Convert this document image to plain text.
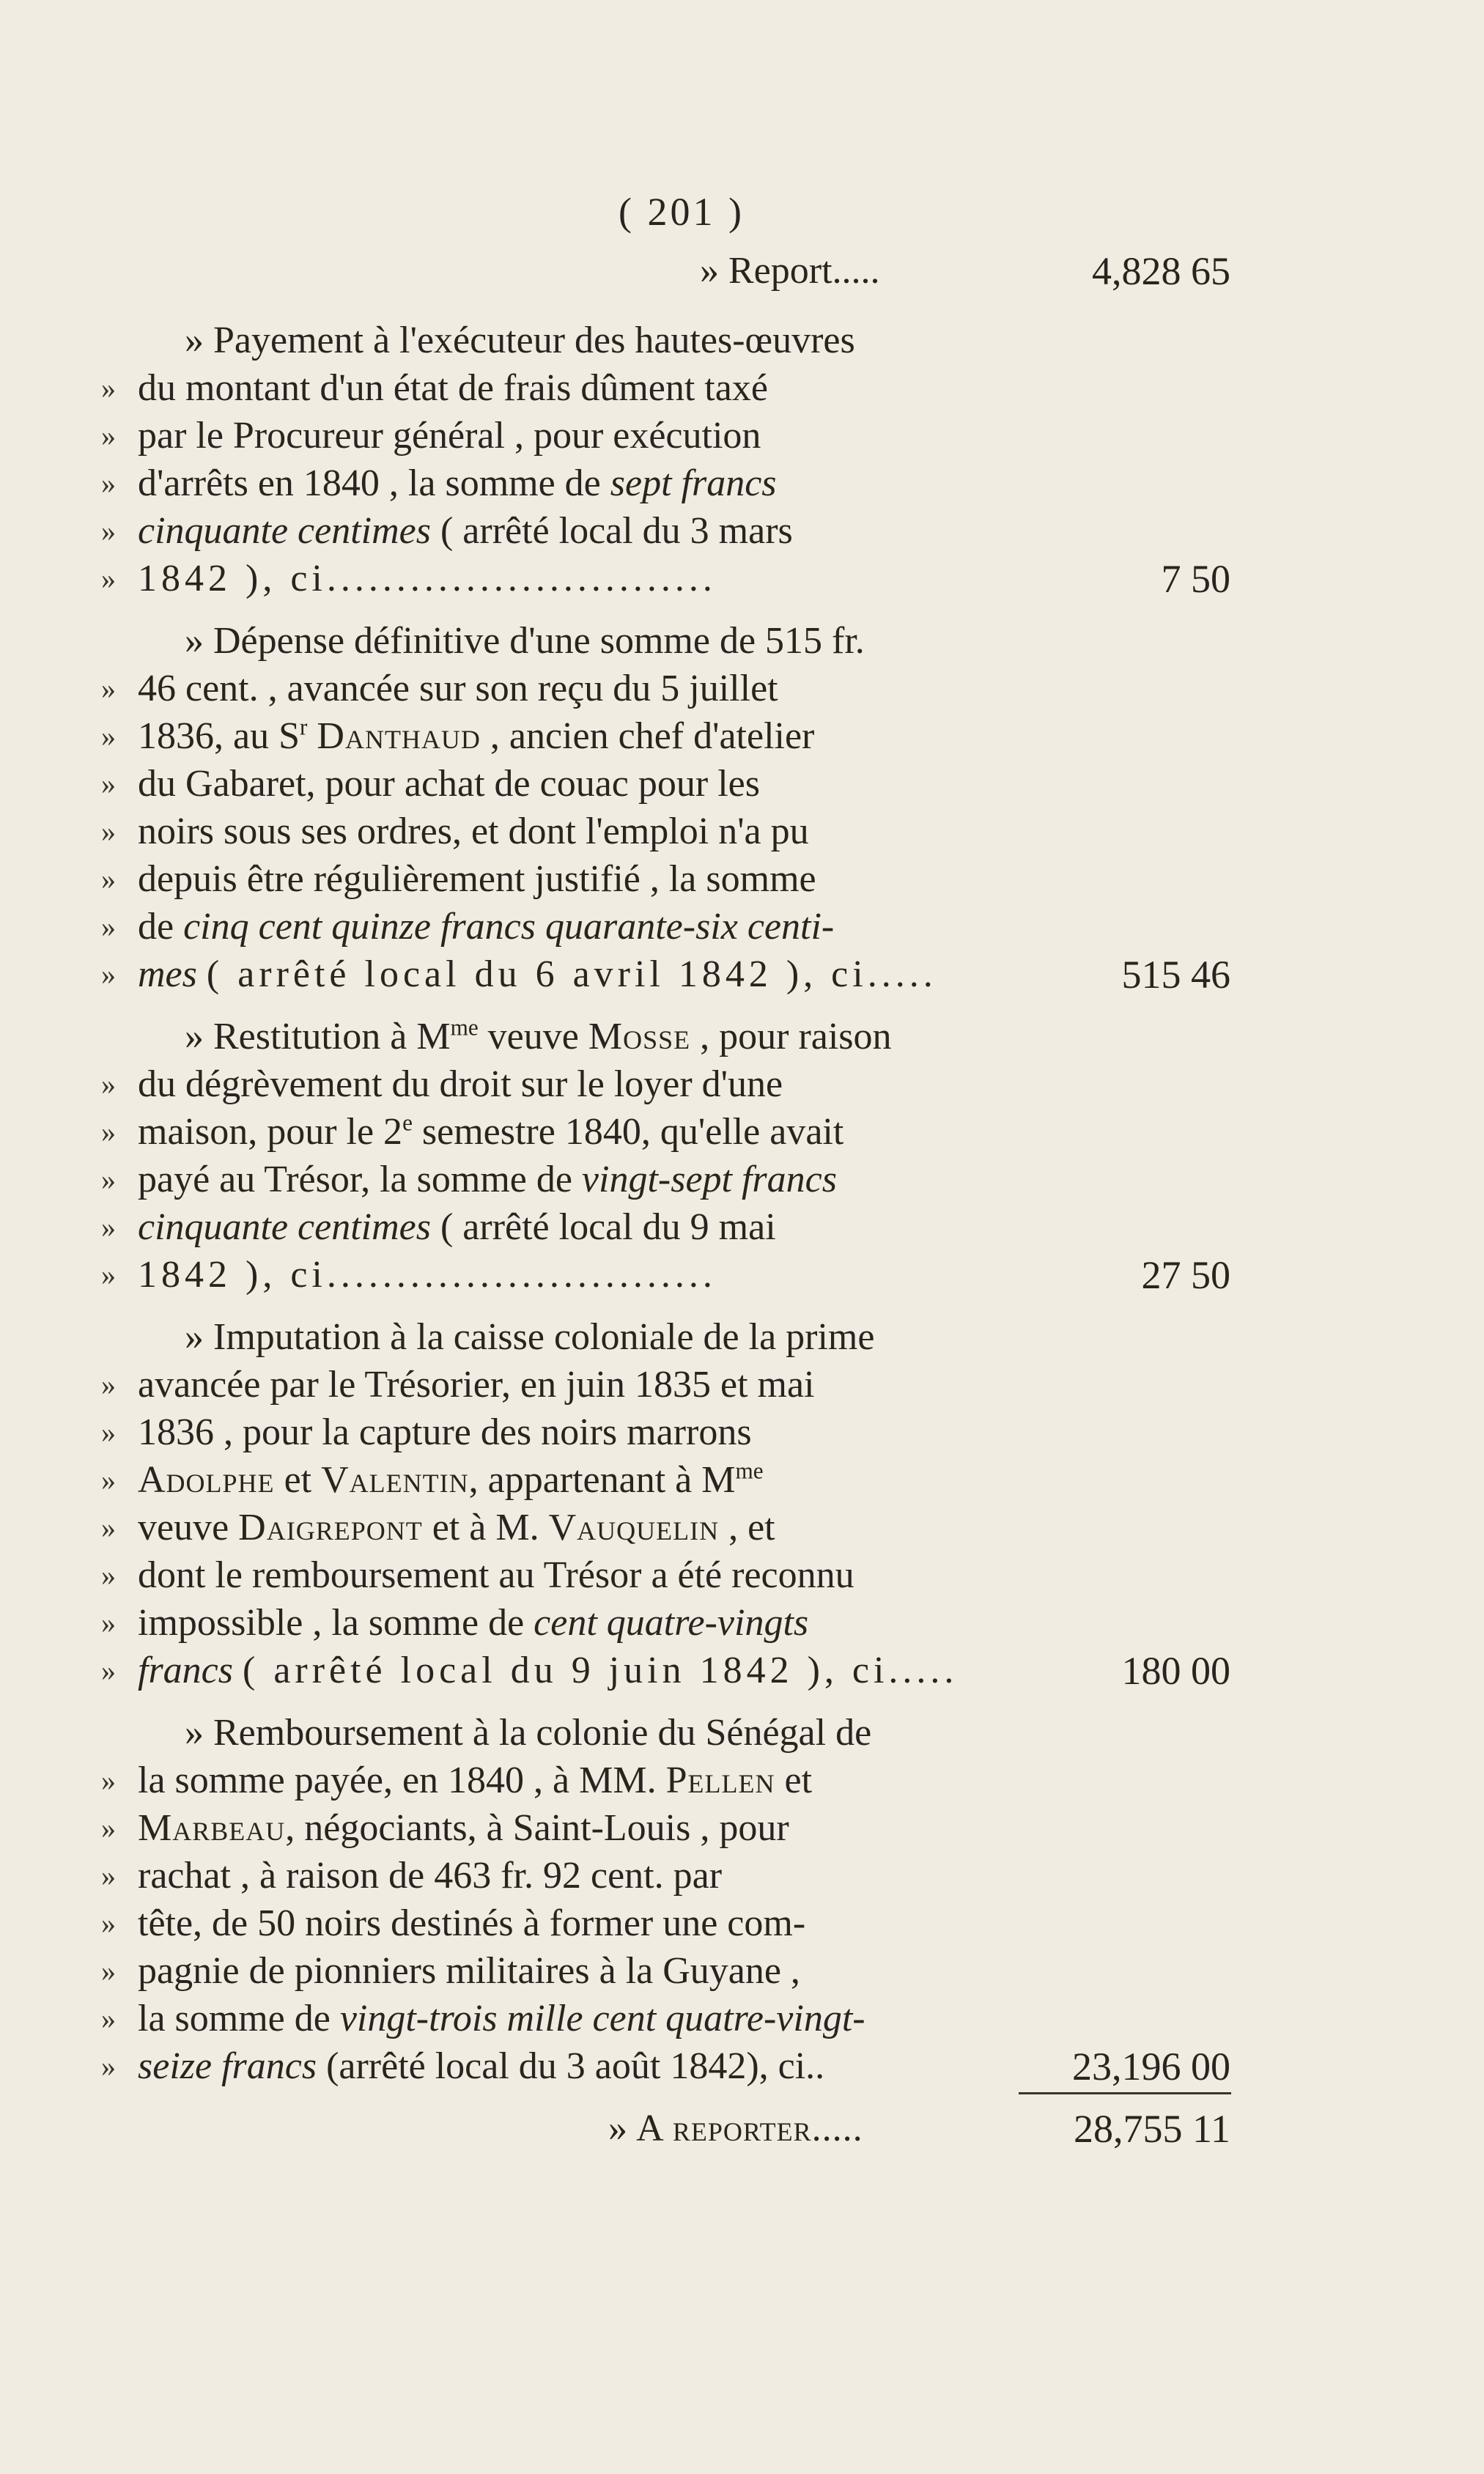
( 201 )
» Report.....	4,828 65
» Payement à l'exécuteur des hautes-œuvres
» du montant d'un état de frais dûment taxé
» par le Procureur général , pour exécution
» d'arrêts en 1840 , la somme de sept francs
» cinquante centimes ( arrêté local du 3 mars
» 1842 ), ci............................	7 50
» Dépense définitive d'une somme de 515 fr.
» 46 cent. , avancée sur son reçu du 5 juillet
» 1836, au $S^r$ Danthaud , ancien chef d'atelier
» du Gabaret, pour achat de couac pour les
» noirs sous ses ordres, et dont l'emploi n'a pu
» depuis être régulièrement justifié , la somme
» de cinq cent quinze francs quarante-six centi-
» mes ( arrêté local du 6 avril 1842 ), ci.....	515 46
» Restitution à $M^{me}$ veuve Mosse , pour raison
» du dégrèvement du droit sur le loyer d'une
» maison, pour le 2e semestre 1840, qu'elle avait
» payé au Trésor, la somme de vingt-sept francs
» cinquante centimes ( arrêté local du 9 mai
» 1842 ), ci............................	27 50
» Imputation à la caisse coloniale de la prime
» avancée par le Trésorier, en juin 1835 et mai
» 1836 , pour la capture des noirs marrons
» Adolphe et Valentin, appartenant à $M^{me}$
» veuve Daigrepont et à M. Vauquelin , et
» dont le remboursement au Trésor a été reconnu
» impossible , la somme de cent quatre-vingts
» francs ( arrêté local du 9 juin 1842 ), ci.....	180 00
» Remboursement à la colonie du Sénégal de
» la somme payée, en 1840 , à MM. Pellen et
» Marbeau, négociants, à Saint-Louis , pour
» rachat , à raison de 463 fr. 92 cent. par
» tête, de 50 noirs destinés à former une com-
» pagnie de pionniers militaires à la Guyane ,
» la somme de vingt-trois mille cent quatre-vingt-
» seize francs (arrêté local du 3 août 1842), ci..	23,196 00
» A reporter.....	28,755 11
